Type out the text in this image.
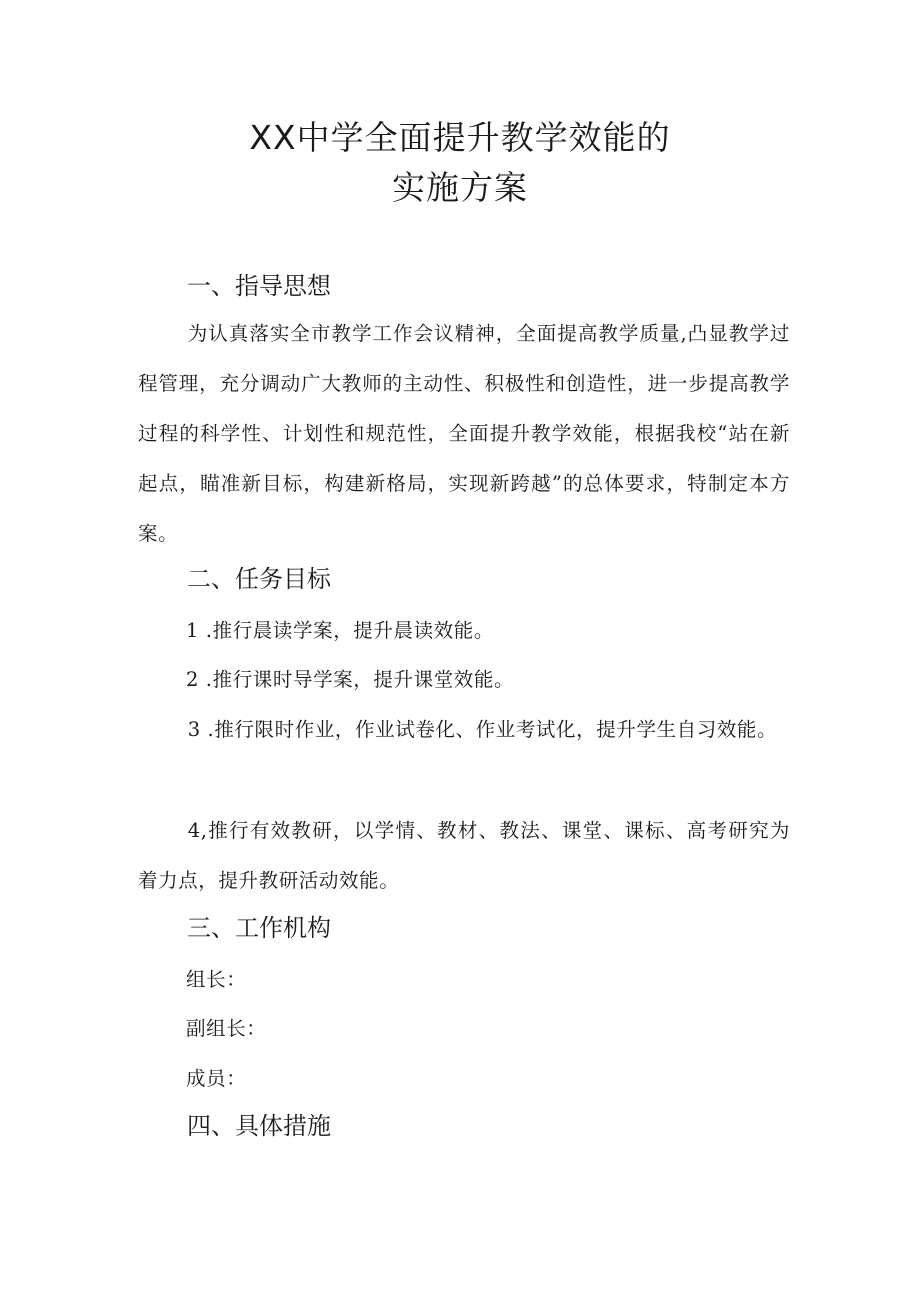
XX中学全面提升教学效能的
实施方案
一、指导思想

为认真落实全市教学工作会议精神，全面提高教学质量,凸显教学过程管理，充分调动广大教师的主动性、积极性和创造性，进一步提高教学过程的科学性、计划性和规范性，全面提升教学效能，根据我校“站在新起点，瞄准新目标，构建新格局，实现新跨越”的总体要求，特制定本方案。

二、任务目标

1 .推行晨读学案，提升晨读效能。

2 .推行课时导学案，提升课堂效能。

3 .推行限时作业，作业试卷化、作业考试化，提升学生自习效能。

4,推行有效教研，以学情、教材、教法、课堂、课标、高考研究为着力点，提升教研活动效能。

三、工作机构

组长：

副组长：

成员：

四、具体措施
